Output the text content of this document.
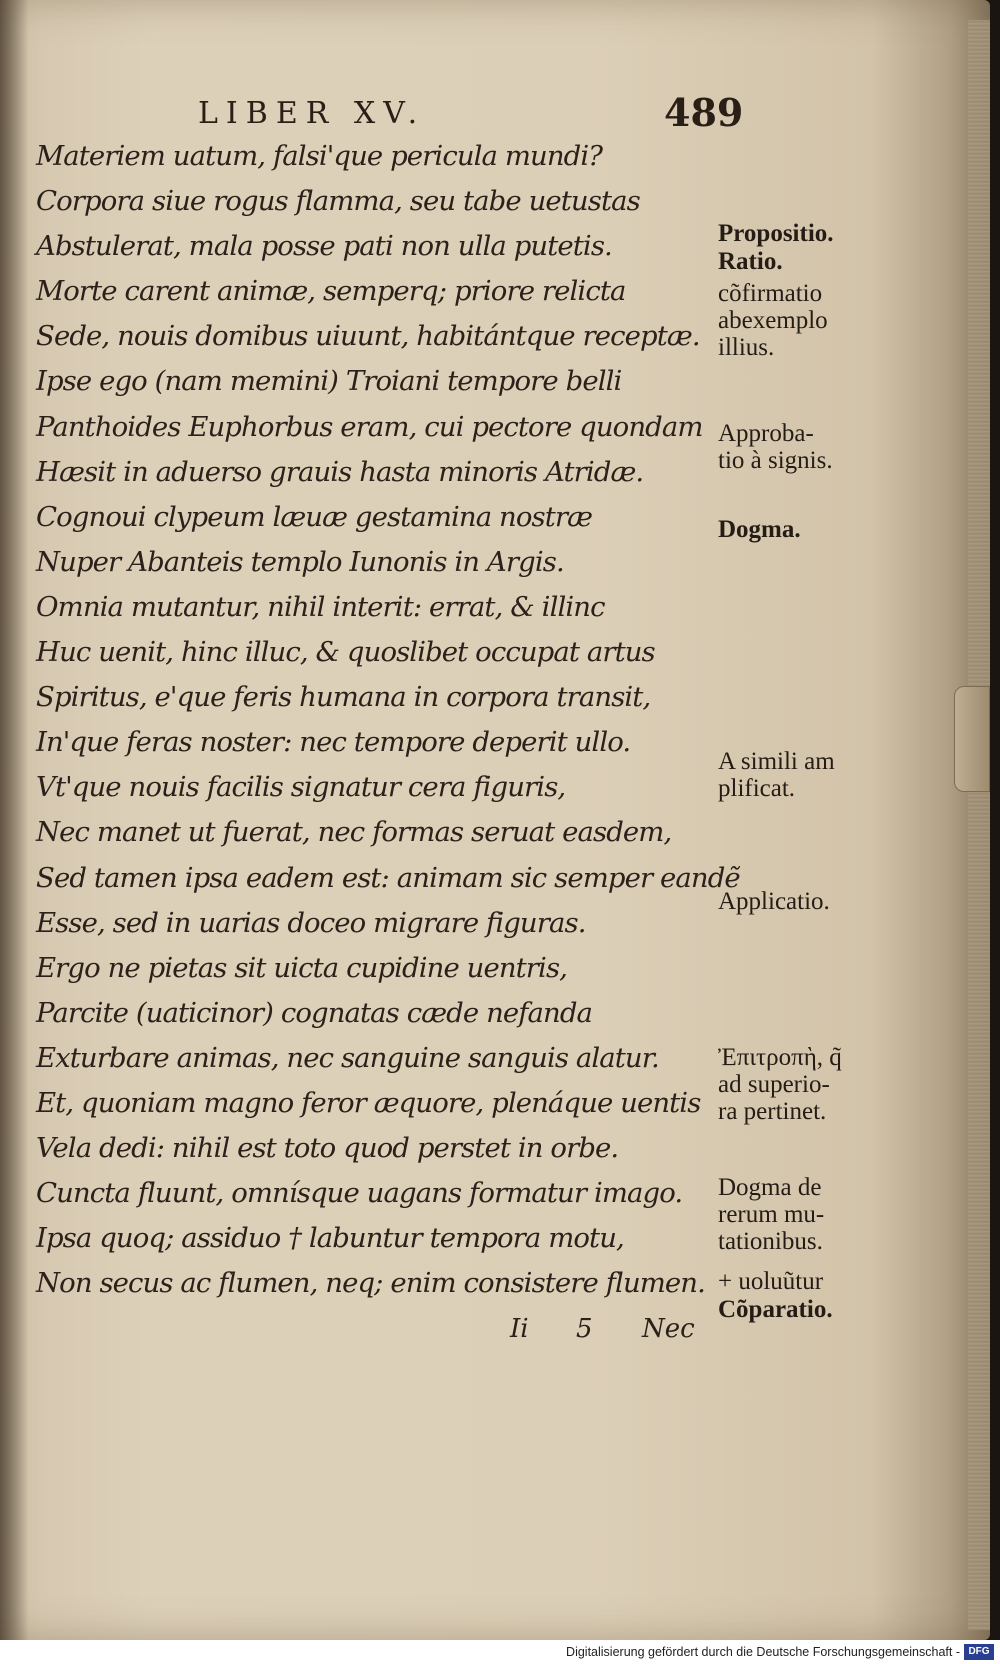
LIBER XV.	489
Materiem uatum, falsi'que pericula mundi?
Corpora siue rogus flamma, seu tabe uetustas
Abstulerat, mala posse pati non ulla putetis.
Morte carent animæ, semperq; priore relicta
Sede, nouis domibus uiuunt, habitántque receptæ.
Ipse ego (nam memini) Troiani tempore belli
Panthoides Euphorbus eram, cui pectore quondam
Hæsit in aduerso grauis hasta minoris Atridæ.
Cognoui clypeum læuæ gestamina nostræ
Nuper Abanteis templo Iunonis in Argis.
Omnia mutantur, nihil interit: errat, & illinc
Huc uenit, hinc illuc, & quoslibet occupat artus
Spiritus, e'que feris humana in corpora transit,
In'que feras noster: nec tempore deperit ullo.
Vt'que nouis facilis signatur cera figuris,
Nec manet ut fuerat, nec formas seruat easdem,
Sed tamen ipsa eadem est: animam sic semper eandẽ
Esse, sed in uarias doceo migrare figuras.
Ergo ne pietas sit uicta cupidine uentris,
Parcite (uaticinor) cognatas cæde nefanda
Exturbare animas, nec sanguine sanguis alatur.
Et, quoniam magno feror æquore, plenáque uentis
Vela dedi: nihil est toto quod perstet in orbe.
Cuncta fluunt, omnísque uagans formatur imago.
Ipsa quoq; assiduo † labuntur tempora motu,
Non secus ac flumen, neq; enim consistere flumen.
Propositio.
Ratio.
cõfirmatio
abexemplo
illius.
Approba-
tio à signis.
Dogma.
A simili am
plificat.
Applicatio.
Ἐπιτροπὴ, q̃
ad superio-
ra pertinet.
Dogma de
rerum mu-
tationibus.
+ uoluũtur
Cõparatio.
Ii 5 Nec
Digitalisierung gefördert durch die Deutsche Forschungsgemeinschaft - DFG
